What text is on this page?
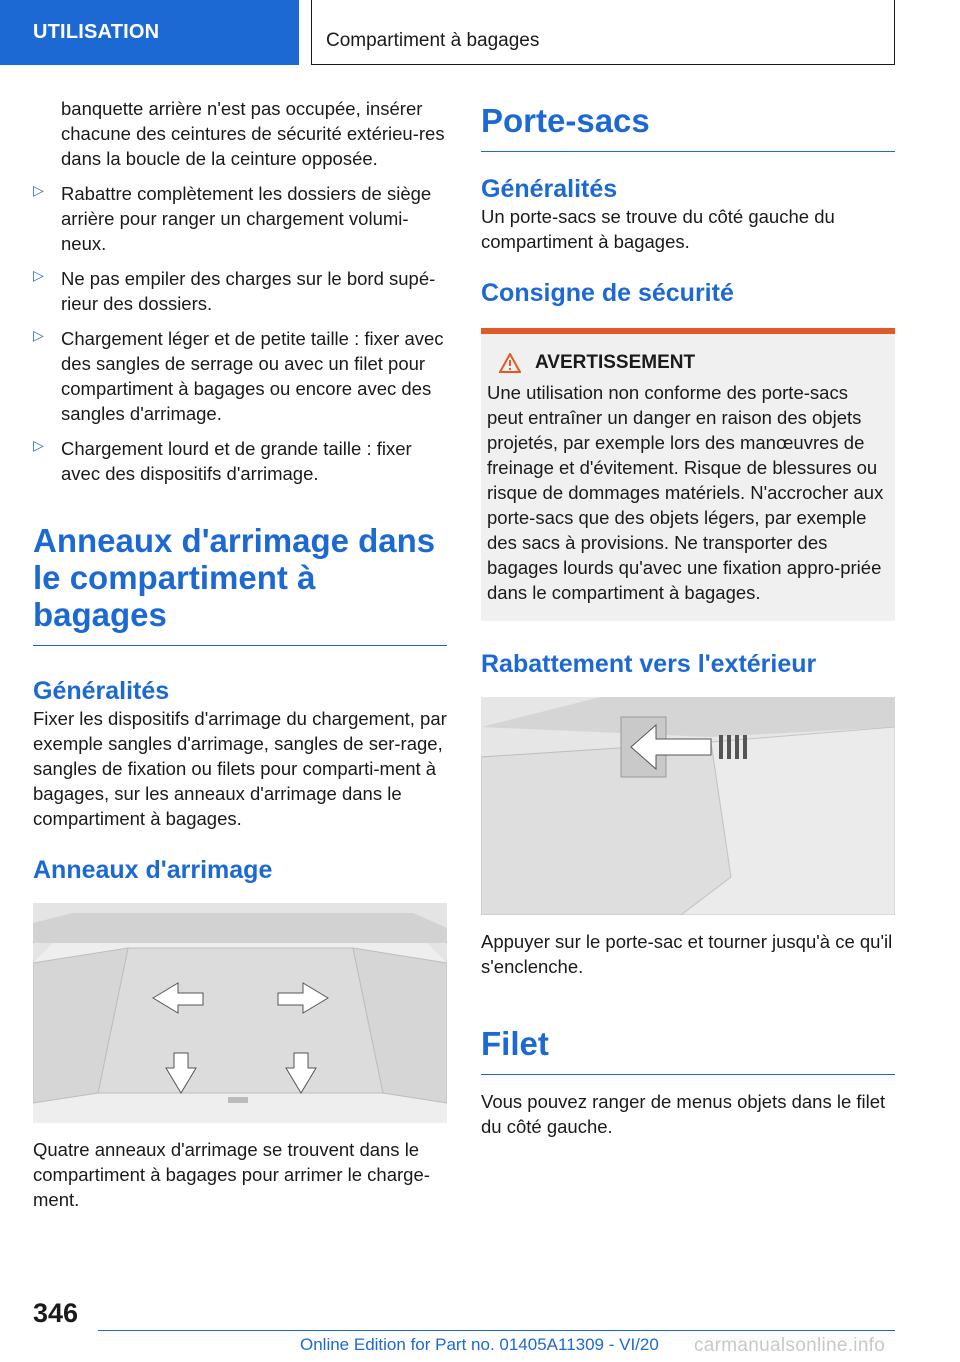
UTILISATION	Compartiment à bagages

banquette arrière n'est pas occupée, insérer chacune des ceintures de sécurité extérieu‐res dans la boucle de la ceinture opposée.

▷ Rabattre complètement les dossiers de siège arrière pour ranger un chargement volumi‐neux.

▷ Ne pas empiler des charges sur le bord supé‐rieur des dossiers.

▷ Chargement léger et de petite taille : fixer avec des sangles de serrage ou avec un filet pour compartiment à bagages ou encore avec des sangles d'arrimage.

▷ Chargement lourd et de grande taille : fixer avec des dispositifs d'arrimage.

Anneaux d'arrimage dans le compartiment à bagages
Généralités

Fixer les dispositifs d'arrimage du chargement, par exemple sangles d'arrimage, sangles de ser‐rage, sangles de fixation ou filets pour comparti‐ment à bagages, sur les anneaux d'arrimage dans le compartiment à bagages.

Anneaux d'arrimage

Quatre anneaux d'arrimage se trouvent dans le compartiment à bagages pour arrimer le charge‐ment.

Porte-sacs
Généralités

Un porte-sacs se trouve du côté gauche du compartiment à bagages.

Consigne de sécurité
AVERTISSEMENT

Une utilisation non conforme des porte-sacs peut entraîner un danger en raison des objets projetés, par exemple lors des manœuvres de freinage et d'évitement. Risque de blessures ou risque de dommages matériels. N'accrocher aux porte-sacs que des objets légers, par exemple des sacs à provisions. Ne transporter des bagages lourds qu'avec une fixation appro‐priée dans le compartiment à bagages.

Rabattement vers l'extérieur

Appuyer sur le porte-sac et tourner jusqu'à ce qu'il s'enclenche.

Filet

Vous pouvez ranger de menus objets dans le filet du côté gauche.

346
Online Edition for Part no. 01405A11309 - VI/20 carmanualsonline.info
